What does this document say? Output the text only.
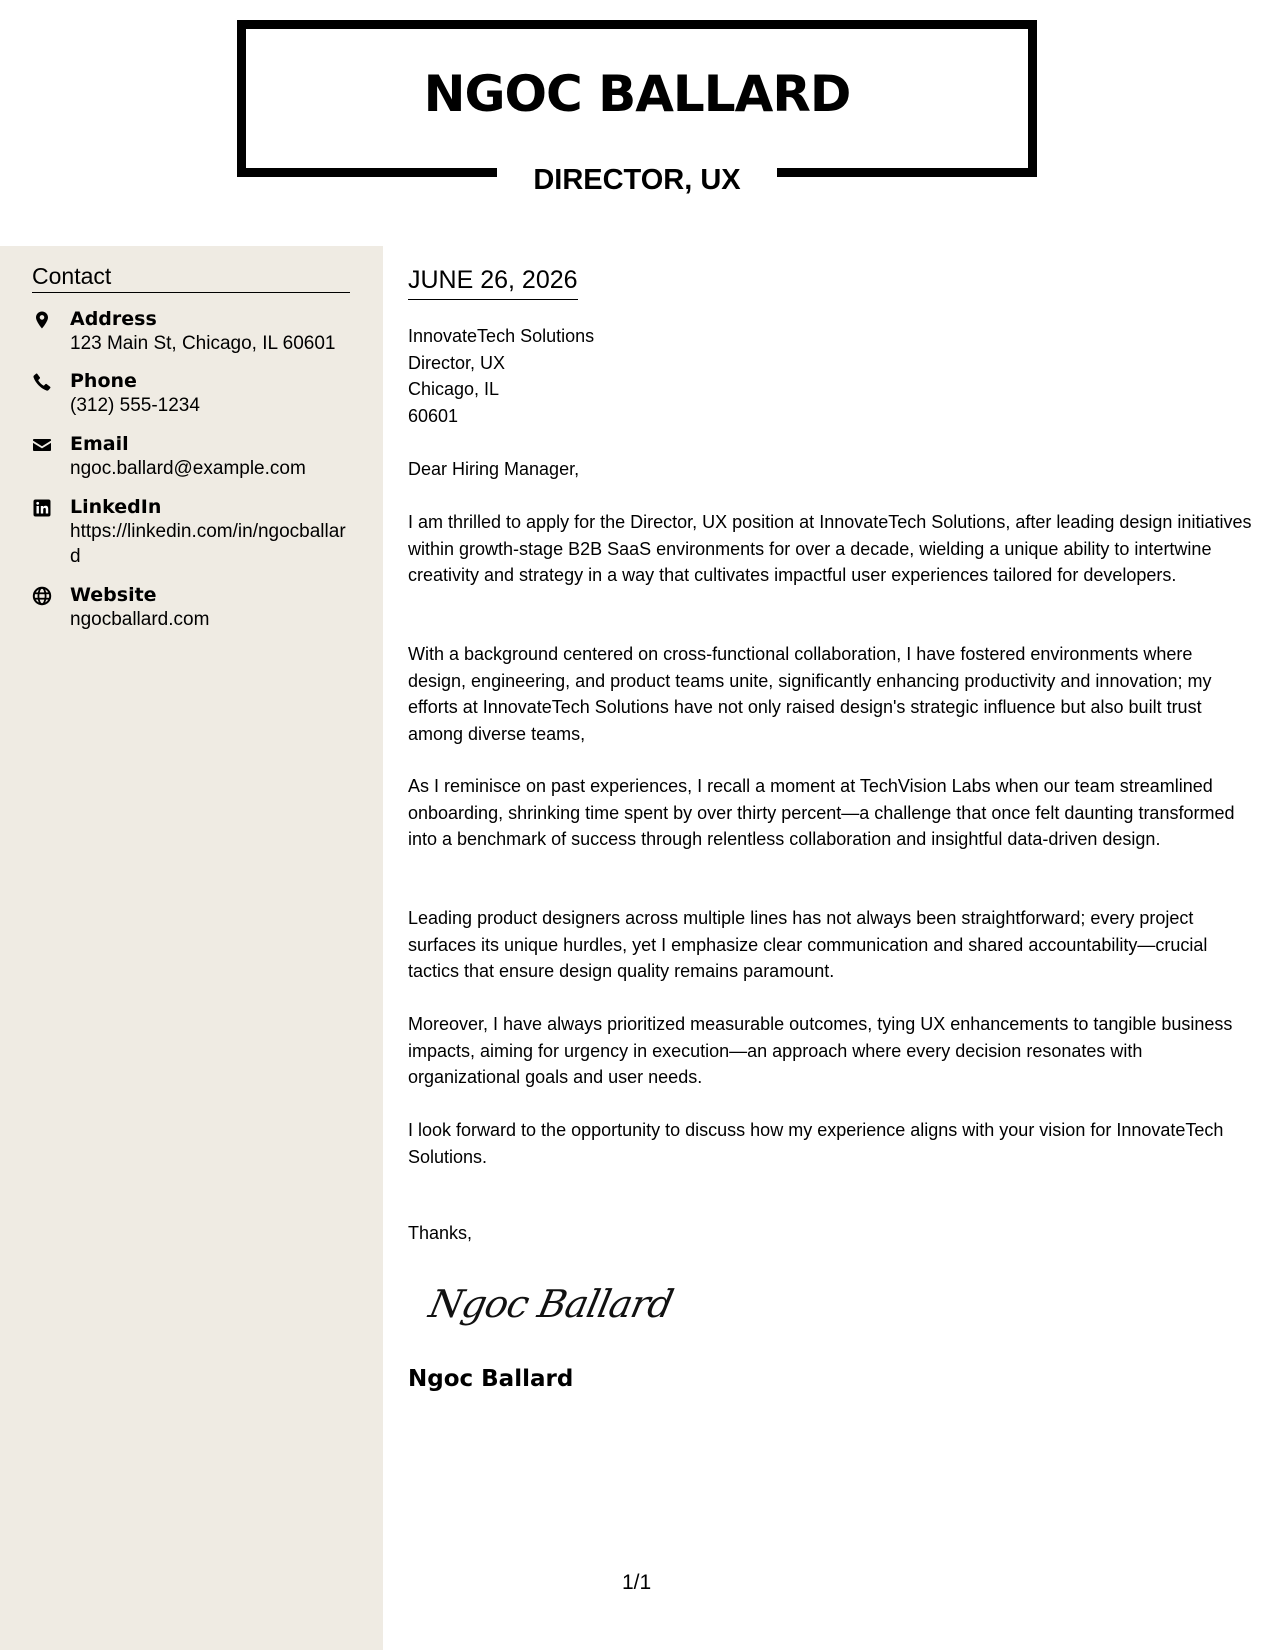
NGOC BALLARD
DIRECTOR, UX
Contact
Address
123 Main St, Chicago, IL 60601
Phone
(312) 555-1234
Email
ngoc.ballard@example.com
LinkedIn
https://linkedin.com/in/ngocballard
Website
ngocballard.com
JUNE 26, 2026
InnovateTech Solutions
Director, UX
Chicago, IL
60601
Dear Hiring Manager,

I am thrilled to apply for the Director, UX position at InnovateTech Solutions, after leading design initiatives within growth-stage B2B SaaS environments for over a decade, wielding a unique ability to intertwine creativity and strategy in a way that cultivates impactful user experiences tailored for developers.

With a background centered on cross-functional collaboration, I have fostered environments where design, engineering, and product teams unite, significantly enhancing productivity and innovation; my efforts at InnovateTech Solutions have not only raised design's strategic influence but also built trust among diverse teams,

As I reminisce on past experiences, I recall a moment at TechVision Labs when our team streamlined onboarding, shrinking time spent by over thirty percent—a challenge that once felt daunting transformed into a benchmark of success through relentless collaboration and insightful data-driven design.

Leading product designers across multiple lines has not always been straightforward; every project surfaces its unique hurdles, yet I emphasize clear communication and shared accountability—crucial tactics that ensure design quality remains paramount.

Moreover, I have always prioritized measurable outcomes, tying UX enhancements to tangible business impacts, aiming for urgency in execution—an approach where every decision resonates with organizational goals and user needs.

I look forward to the opportunity to discuss how my experience aligns with your vision for InnovateTech Solutions.

Thanks,
Ngoc Ballard
Ngoc Ballard
1/1
